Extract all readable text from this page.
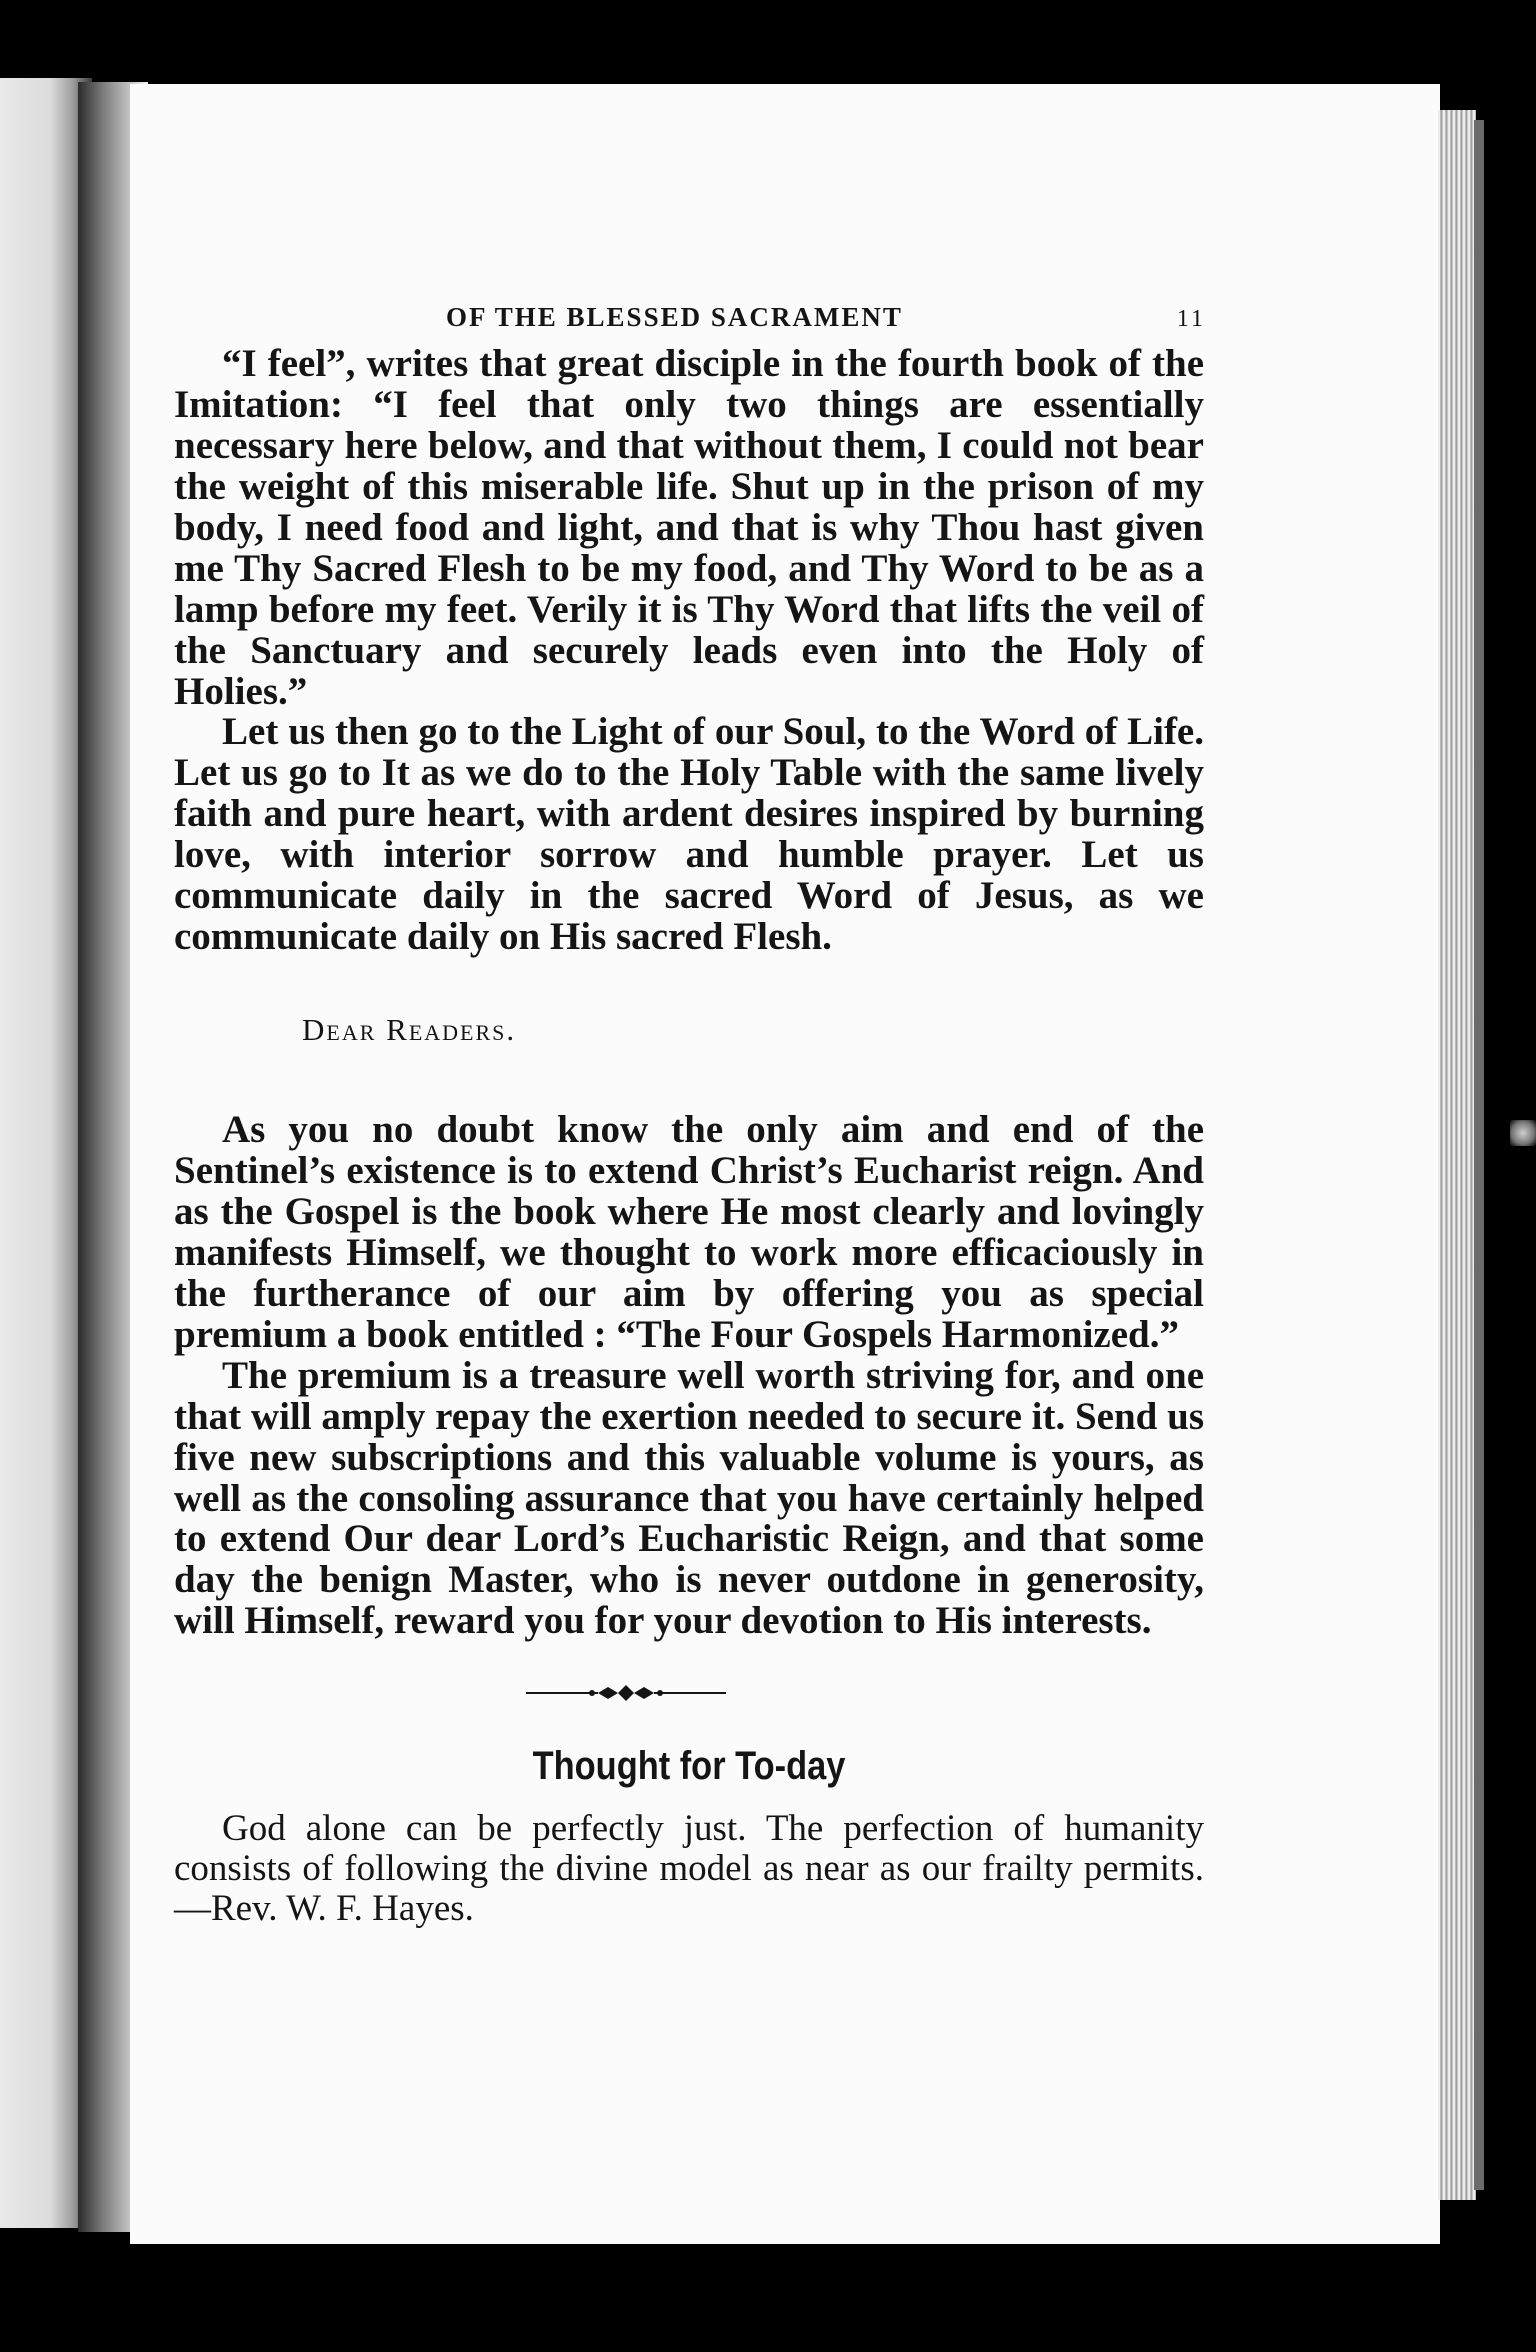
OF THE BLESSED SACRAMENT	11

“I feel”, writes that great disciple in the fourth book of the Imitation: “I feel that only two things are essentially necessary here below, and that without them, I could not bear the weight of this miserable life. Shut up in the prison of my body, I need food and light, and that is why Thou hast given me Thy Sacred Flesh to be my food, and Thy Word to be as a lamp before my feet. Verily it is Thy Word that lifts the veil of the Sanctuary and securely leads even into the Holy of Holies.”

Let us then go to the Light of our Soul, to the Word of Life. Let us go to It as we do to the Holy Table with the same lively faith and pure heart, with ardent desires inspired by burning love, with interior sorrow and humble prayer. Let us communicate daily in the sacred Word of Jesus, as we communicate daily on His sacred Flesh.

Dear Readers.

As you no doubt know the only aim and end of the Sentinel’s existence is to extend Christ’s Eucharist reign. And as the Gospel is the book where He most clearly and lovingly manifests Himself, we thought to work more efficaciously in the furtherance of our aim by offering you as special premium a book entitled : “The Four Gospels Harmonized.”

The premium is a treasure well worth striving for, and one that will amply repay the exertion needed to secure it. Send us five new subscriptions and this valuable volume is yours, as well as the consoling assurance that you have certainly helped to extend Our dear Lord’s Eucharistic Reign, and that some day the benign Master, who is never outdone in generosity, will Himself, reward you for your devotion to His interests.

Thought for To-day

God alone can be perfectly just. The perfection of humanity consists of following the divine model as near as our frailty permits.—Rev. W. F. Hayes.
